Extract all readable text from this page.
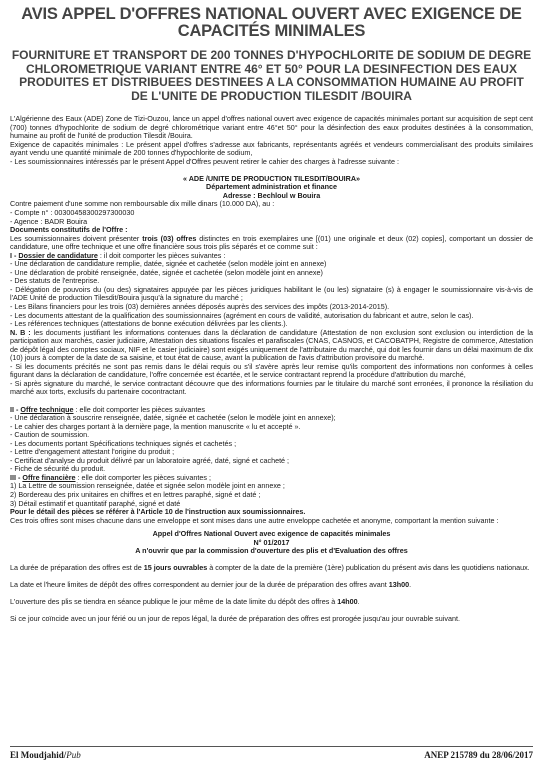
AVIS APPEL D'OFFRES NATIONAL OUVERT AVEC EXIGENCE DE CAPACITÉS MINIMALES
FOURNITURE ET TRANSPORT DE 200 TONNES D'HYPOCHLORITE DE SODIUM DE DEGRE CHLOROMETRIQUE VARIANT ENTRE 46° ET 50° POUR LA DESINFECTION DES EAUX PRODUITES ET DISTRIBUEES DESTINEES A LA CONSOMMATION HUMAINE AU PROFIT DE L'UNITE DE PRODUCTION TILESDIT /BOUIRA

L'Algérienne des Eaux (ADE) Zone de Tizi-Ouzou, lance un appel d'offres national ouvert avec exigence de capacités minimales portant sur acquisition de sept cent (700) tonnes d'hypochlorite de sodium de degré chlorométrique variant entre 46°et 50° pour la désinfection des eaux produites destinées à la consommation, humaine au profit de l'unité de production Tilesdit /Bouira.

Exigence de capacités minimales : Le présent appel d'offres s'adresse aux fabricants, représentants agréés et vendeurs commercialisant des produits similaires ayant vendu une quantité minimale de 200 tonnes d'hypochlorite de sodium,

- Les soumissionnaires intéressés par le présent Appel d'Offres peuvent retirer le cahier des charges à l'adresse suivante :

« ADE /UNITE DE PRODUCTION TILESDIT/BOUIRA»

Département administration et finance

Adresse : Bechloul w Bouira

Contre paiement d'une somme non remboursable dix mille dinars (10.000 DA), au :

- Compte n° : 00300458300297300030

- Agence : BADR Bouira

Documents constitutifs de l'Offre :

Les soumissionnaires doivent présenter trois (03) offres distinctes en trois exemplaires une [(01) une originale et deux (02) copies], comportant un dossier de candidature, une offre technique et une offre financière sous trois plis séparés et ce comme suit :

I - Dossier de candidature : il doit comporter les pièces suivantes :

- Une déclaration de candidature remplie, datée, signée et cachetée (selon modèle joint en annexe)

- Une déclaration de probité renseignée, datée, signée et cachetée (selon modèle joint en annexe)

- Des statuts de l'entreprise.

- Délégation de pouvoirs du (ou des) signataires appuyée par les pièces juridiques habilitant le (ou les) signataire (s) à engager le soumissionnaire vis-à-vis de l'ADE Unité de production Tilesdit/Bouira jusqu'à la signature du marché ;

- Les Bilans financiers pour les trois (03) dernières années déposés auprès des services des impôts (2013-2014-2015).

- Les documents attestant de la qualification des soumissionnaires (agrément en cours de validité, autorisation du fabricant et autre, selon le cas).

- Les références techniques (attestations de bonne exécution délivrées par les clients.).

N. B : les documents justifiant les informations contenues dans la déclaration de candidature (Attestation de non exclusion sont exclusion ou interdiction de la participation aux marchés, casier judiciaire, Attestation des situations fiscales et parafiscales (CNAS, CASNOS, et CACOBATPH, Registre de commerce, Attestation de dépôt légal des comptes sociaux, NIF et le casier judiciaire) sont exigés uniquement de l'attributaire du marché, qui doit les fournir dans un délai maximum de dix (10) jours à compter de la date de sa saisine, et tout état de cause, avant la publication de l'avis d'attribution provisoire du marché.

- Si les documents précités ne sont pas remis dans le délai requis ou s'il s'avère après leur remise qu'ils comportent des informations non conformes à celles figurant dans la déclaration de candidature, l'offre concernée est écartée, et le service contractant reprend la procédure d'attribution du marché,

- Si après signature du marché, le service contractant découvre que des informations fournies par le titulaire du marché sont erronées, il prononce la résiliation du marché aux torts, exclusifs du partenaire cocontractant.

II - Offre technique : elle doit comporter les pièces suivantes

- Une déclaration à souscrire renseignée, datée, signée et cachetée (selon le modèle joint en annexe);

- Le cahier des charges portant à la dernière page, la mention manuscrite « lu et accepté ».

- Caution de soumission.

- Les documents portant Spécifications techniques signés et cachetés ;

- Lettre d'engagement attestant l'origine du produit ;

- Certificat d'analyse du produit délivré par un laboratoire agréé, daté, signé et cacheté ;

- Fiche de sécurité du produit.

III - Offre financière : elle doit comporter les pièces suivantes ;

1) La Lettre de soumission renseignée, datée et signée selon modèle joint en annexe ;

2) Bordereau des prix unitaires en chiffres et en lettres paraphé, signé et daté ;

3) Détail estimatif et quantitatif paraphé, signé et daté

Pour le détail des pièces se référer à l'Article 10 de l'instruction aux soumissionnaires.

Ces trois offres sont mises chacune dans une enveloppe et sont mises dans une autre enveloppe cachetée et anonyme, comportant la mention suivante :

Appel d'Offres National Ouvert avec exigence de capacités minimales

N° 01/2017

A n'ouvrir que par la commission d'ouverture des plis et d'Evaluation des offres

La durée de préparation des offres est de 15 jours ouvrables à compter de la date de la première (1ère) publication du présent avis dans les quotidiens nationaux.

La date et l'heure limites de dépôt des offres correspondent au dernier jour de la durée de préparation des offres avant 13h00.

L'ouverture des plis se tiendra en séance publique le jour même de la date limite du dépôt des offres à 14h00.

Si ce jour coïncide avec un jour férié ou un jour de repos légal, la durée de préparation des offres est prorogée jusqu'au jour ouvrable suivant.

El Moudjahid/Pub	ANEP 215789 du 28/06/2017
